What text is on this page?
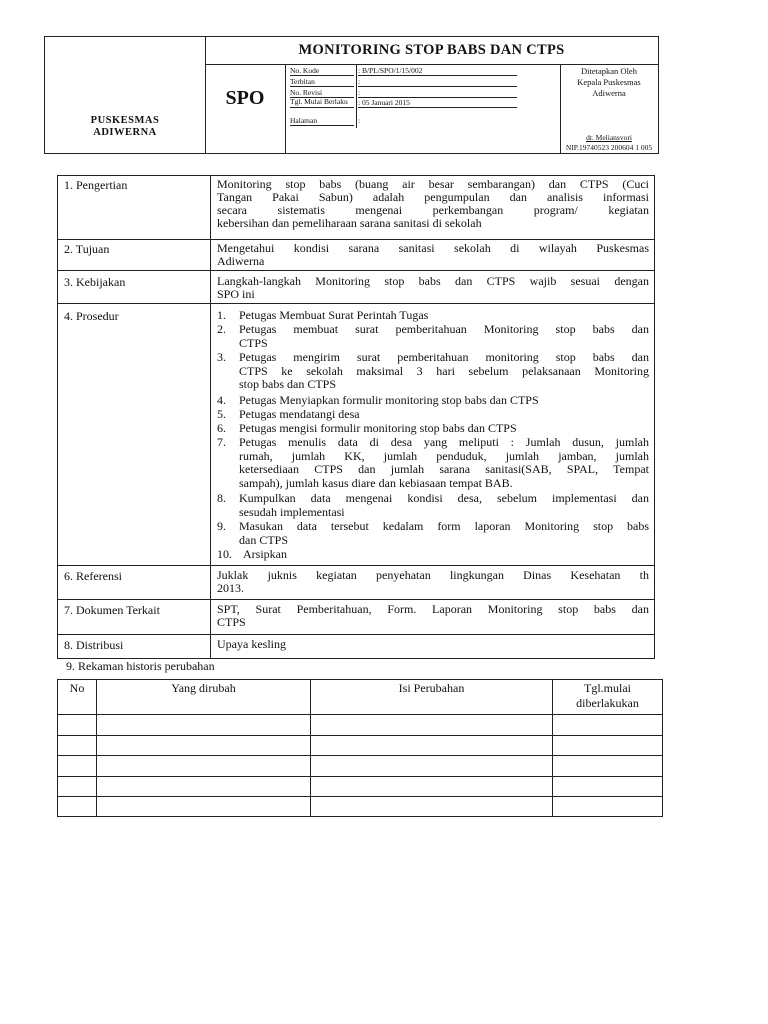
PUSKESMAS
ADIWERNA
MONITORING STOP BABS DAN CTPS
SPO
No. Kode	: B/PL/SPO/1/15/002
Terbitan	:
No. Revisi	:
Tgl. Mulai Berlaku	: 05 Januari 2015
Halaman	:
Ditetapkan Oleh
Kepala Puskesmas
Adiwerna
dr. Meliansvori
NIP.19740523 200604 1 005
1. Pengertian	Monitoring stop babs (buang air besar sembarangan) dan CTPS (Cuci
Tangan Pakai Sabun) adalah pengumpulan dan analisis informasi
secara sistematis mengenai perkembangan program/ kegiatan
kebersihan dan pemeliharaan sarana sanitasi di sekolah
2. Tujuan	Mengetahui kondisi sarana sanitasi sekolah di wilayah Puskesmas
Adiwerna
3. Kebijakan	Langkah-langkah Monitoring stop babs dan CTPS wajib sesuai dengan
SPO ini
4. Prosedur	1.	Petugas Membuat Surat Perintah Tugas
2.	Petugas membuat surat pemberitahuan Monitoring stop babs dan
CTPS
3.	Petugas mengirim surat pemberitahuan monitoring stop babs dan
CTPS ke sekolah maksimal 3 hari sebelum pelaksanaan Monitoring
stop babs dan CTPS
4.	Petugas Menyiapkan formulir monitoring stop babs dan CTPS
5.	Petugas mendatangi desa
6.	Petugas mengisi formulir monitoring stop babs dan CTPS
7.	Petugas menulis data di desa yang meliputi : Jumlah dusun, jumlah
rumah, jumlah KK, jumlah penduduk, jumlah jamban, jumlah
ketersediaan CTPS dan jumlah sarana sanitasi(SAB, SPAL, Tempat
sampah), jumlah kasus diare dan kebiasaan tempat BAB.
8.	Kumpulkan data mengenai kondisi desa, sebelum implementasi dan
sesudah implementasi
9.	Masukan data tersebut kedalam form laporan Monitoring stop babs
dan CTPS
10. Arsipkan
6. Referensi	Juklak juknis kegiatan penyehatan lingkungan Dinas Kesehatan th
2013.
7. Dokumen Terkait	SPT, Surat Pemberitahuan, Form. Laporan Monitoring stop babs dan
CTPS
8. Distribusi	Upaya kesling
9. Rekaman historis perubahan
No	Yang dirubah	Isi Perubahan	Tgl.mulai
diberlakukan
